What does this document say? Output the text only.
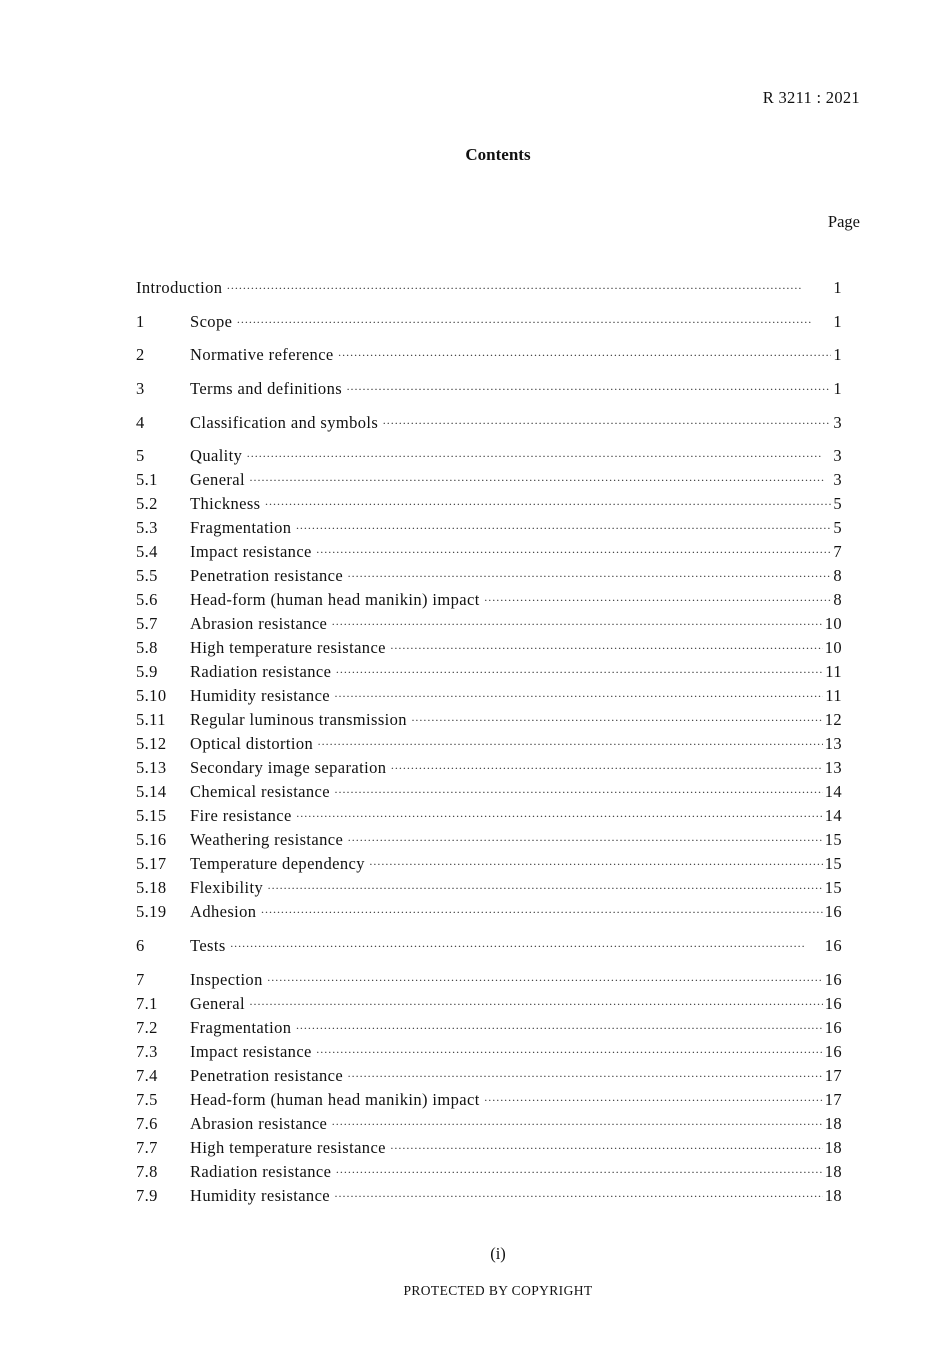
R 3211 : 2021
Contents
Page
Introduction ·····	1
1	Scope ·····	1
2	Normative reference ·····	1
3	Terms and definitions ·····	1
4	Classification and symbols ·····	3
5	Quality ·····	3
5.1	General ·····	3
5.2	Thickness ·····	5
5.3	Fragmentation ·····	5
5.4	Impact resistance ·····	7
5.5	Penetration resistance ·····	8
5.6	Head-form (human head manikin) impact ·····	8
5.7	Abrasion resistance ·····	10
5.8	High temperature resistance ·····	10
5.9	Radiation resistance ·····	11
5.10	Humidity resistance ·····	11
5.11	Regular luminous transmission ·····	12
5.12	Optical distortion ·····	13
5.13	Secondary image separation ·····	13
5.14	Chemical resistance ·····	14
5.15	Fire resistance ·····	14
5.16	Weathering resistance ·····	15
5.17	Temperature dependency ·····	15
5.18	Flexibility ·····	15
5.19	Adhesion ·····	16
6	Tests ·····	16
7	Inspection ·····	16
7.1	General ·····	16
7.2	Fragmentation ·····	16
7.3	Impact resistance ·····	16
7.4	Penetration resistance ·····	17
7.5	Head-form (human head manikin) impact ·····	17
7.6	Abrasion resistance ·····	18
7.7	High temperature resistance ·····	18
7.8	Radiation resistance ·····	18
7.9	Humidity resistance ·····	18
(i)
PROTECTED BY COPYRIGHT
